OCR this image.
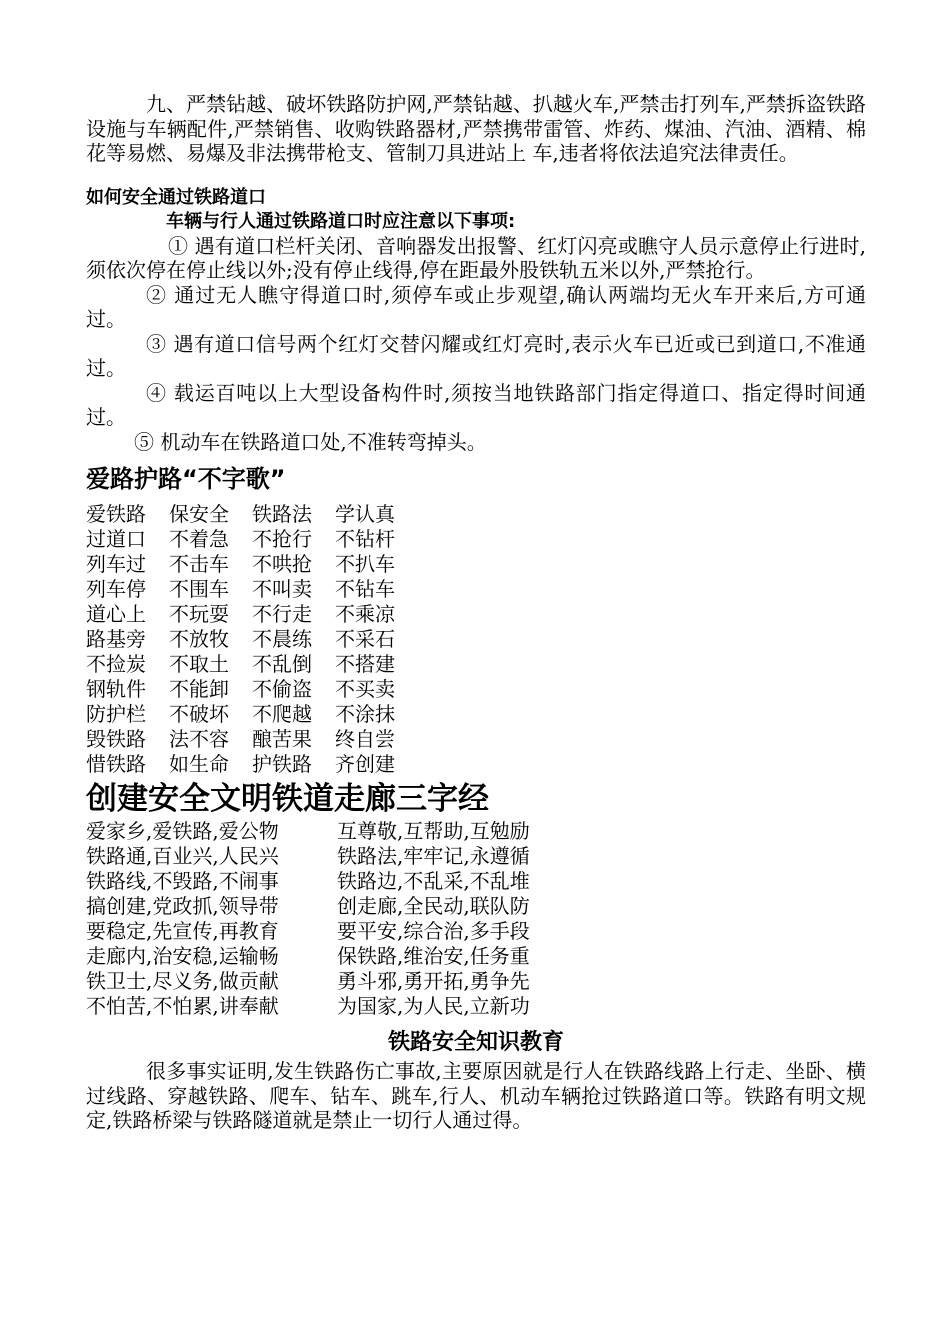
九、严禁钻越、破坏铁路防护网,严禁钻越、扒越火车,严禁击打列车,严禁拆盗铁路设施与车辆配件,严禁销售、收购铁路器材,严禁携带雷管、炸药、煤油、汽油、酒精、棉花等易燃、易爆及非法携带枪支、管制刀具进站上 车,违者将依法追究法律责任。

如何安全通过铁路道口

车辆与行人通过铁路道口时应注意以下事项:

① 遇有道口栏杆关闭、音响器发出报警、红灯闪亮或瞧守人员示意停止行进时,须依次停在停止线以外;没有停止线得,停在距最外股铁轨五米以外,严禁抢行。

② 通过无人瞧守得道口时,须停车或止步观望,确认两端均无火车开来后,方可通过。

③ 遇有道口信号两个红灯交替闪耀或红灯亮时,表示火车已近或已到道口,不准通过。

④ 载运百吨以上大型设备构件时,须按当地铁路部门指定得道口、指定得时间通过。

⑤ 机动车在铁路道口处,不准转弯掉头。

爱路护路“不字歌”

爱铁路	保安全	铁路法	学认真
过道口	不着急	不抢行	不钻杆
列车过	不击车	不哄抢	不扒车
列车停	不围车	不叫卖	不钻车
道心上	不玩耍	不行走	不乘凉
路基旁	不放牧	不晨练	不采石
不捡炭	不取土	不乱倒	不搭建
钢轨件	不能卸	不偷盗	不买卖
防护栏	不破坏	不爬越	不涂抹
毁铁路	法不容	酿苦果	终自尝
惜铁路	如生命	护铁路	齐创建

创建安全文明铁道走廊三字经

爱家乡,爱铁路,爱公物	互尊敬,互帮助,互勉励
铁路通,百业兴,人民兴	铁路法,牢牢记,永遵循
铁路线,不毁路,不闹事	铁路边,不乱采,不乱堆
搞创建,党政抓,领导带	创走廊,全民动,联队防
要稳定,先宣传,再教育	要平安,综合治,多手段
走廊内,治安稳,运输畅	保铁路,维治安,任务重
铁卫士,尽义务,做贡献	勇斗邪,勇开拓,勇争先
不怕苦,不怕累,讲奉献	为国家,为人民,立新功

铁路安全知识教育

很多事实证明,发生铁路伤亡事故,主要原因就是行人在铁路线路上行走、坐卧、横过线路、穿越铁路、爬车、钻车、跳车,行人、机动车辆抢过铁路道口等。铁路有明文规定,铁路桥梁与铁路隧道就是禁止一切行人通过得。
